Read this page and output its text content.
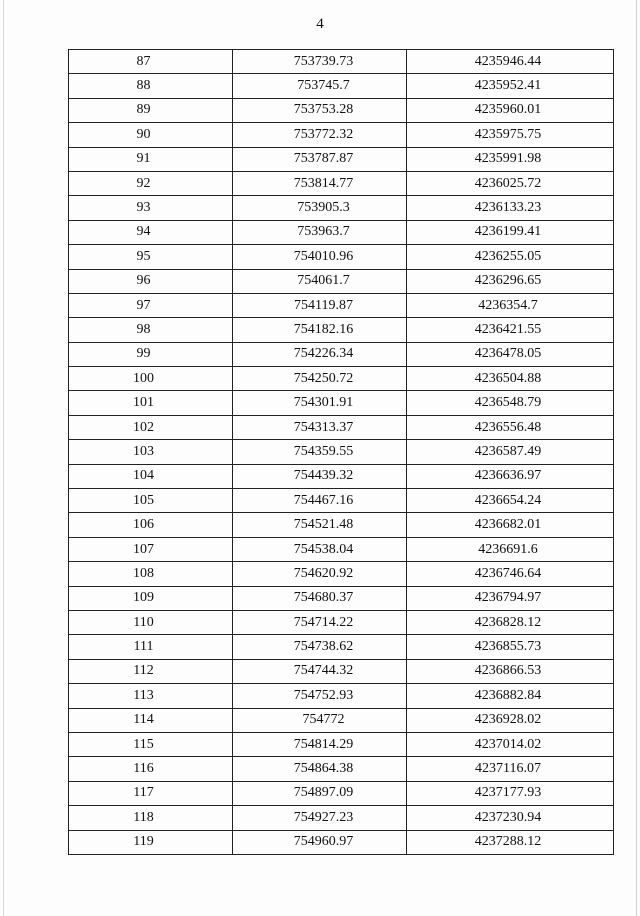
4
87	753739.73	4235946.44
88	753745.7	4235952.41
89	753753.28	4235960.01
90	753772.32	4235975.75
91	753787.87	4235991.98
92	753814.77	4236025.72
93	753905.3	4236133.23
94	753963.7	4236199.41
95	754010.96	4236255.05
96	754061.7	4236296.65
97	754119.87	4236354.7
98	754182.16	4236421.55
99	754226.34	4236478.05
100	754250.72	4236504.88
101	754301.91	4236548.79
102	754313.37	4236556.48
103	754359.55	4236587.49
104	754439.32	4236636.97
105	754467.16	4236654.24
106	754521.48	4236682.01
107	754538.04	4236691.6
108	754620.92	4236746.64
109	754680.37	4236794.97
110	754714.22	4236828.12
111	754738.62	4236855.73
112	754744.32	4236866.53
113	754752.93	4236882.84
114	754772	4236928.02
115	754814.29	4237014.02
116	754864.38	4237116.07
117	754897.09	4237177.93
118	754927.23	4237230.94
119	754960.97	4237288.12
